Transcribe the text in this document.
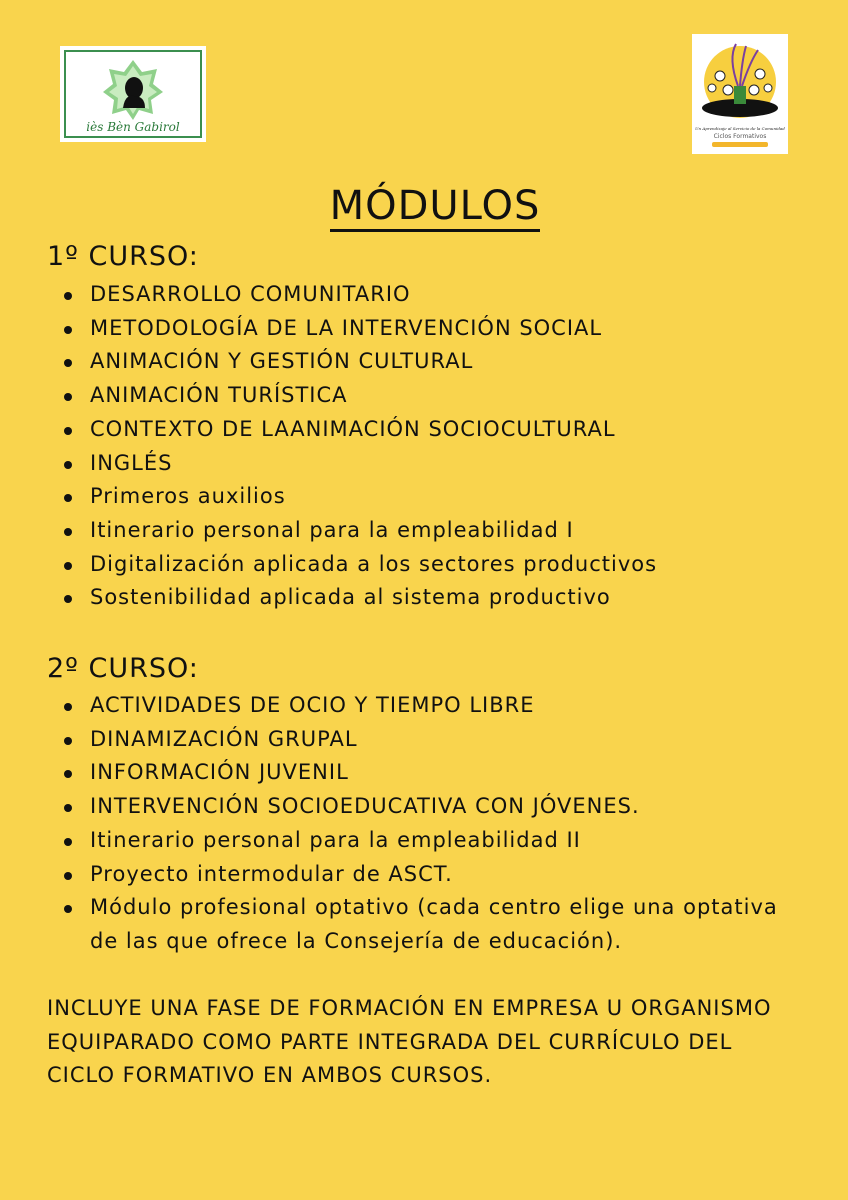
iès Bèn Gabirol	Un Aprendizaje al Servicio de la Comunidad
Ciclos Formativos
MÓDULOS
1º CURSO:
DESARROLLO COMUNITARIO
METODOLOGÍA DE LA INTERVENCIÓN SOCIAL
ANIMACIÓN Y GESTIÓN CULTURAL
ANIMACIÓN TURÍSTICA
CONTEXTO DE LAANIMACIÓN SOCIOCULTURAL
INGLÉS
Primeros auxilios
Itinerario personal para la empleabilidad I
Digitalización aplicada a los sectores productivos
Sostenibilidad aplicada al sistema productivo
2º CURSO:
ACTIVIDADES DE OCIO Y TIEMPO LIBRE
DINAMIZACIÓN GRUPAL
INFORMACIÓN JUVENIL
INTERVENCIÓN SOCIOEDUCATIVA CON JÓVENES.
Itinerario personal para la empleabilidad II
Proyecto intermodular de ASCT.
Módulo profesional optativo (cada centro elige una optativa de las que ofrece la Consejería de educación).
INCLUYE UNA FASE DE FORMACIÓN EN EMPRESA U ORGANISMO EQUIPARADO COMO PARTE INTEGRADA DEL CURRÍCULO DEL CICLO FORMATIVO EN AMBOS CURSOS.
